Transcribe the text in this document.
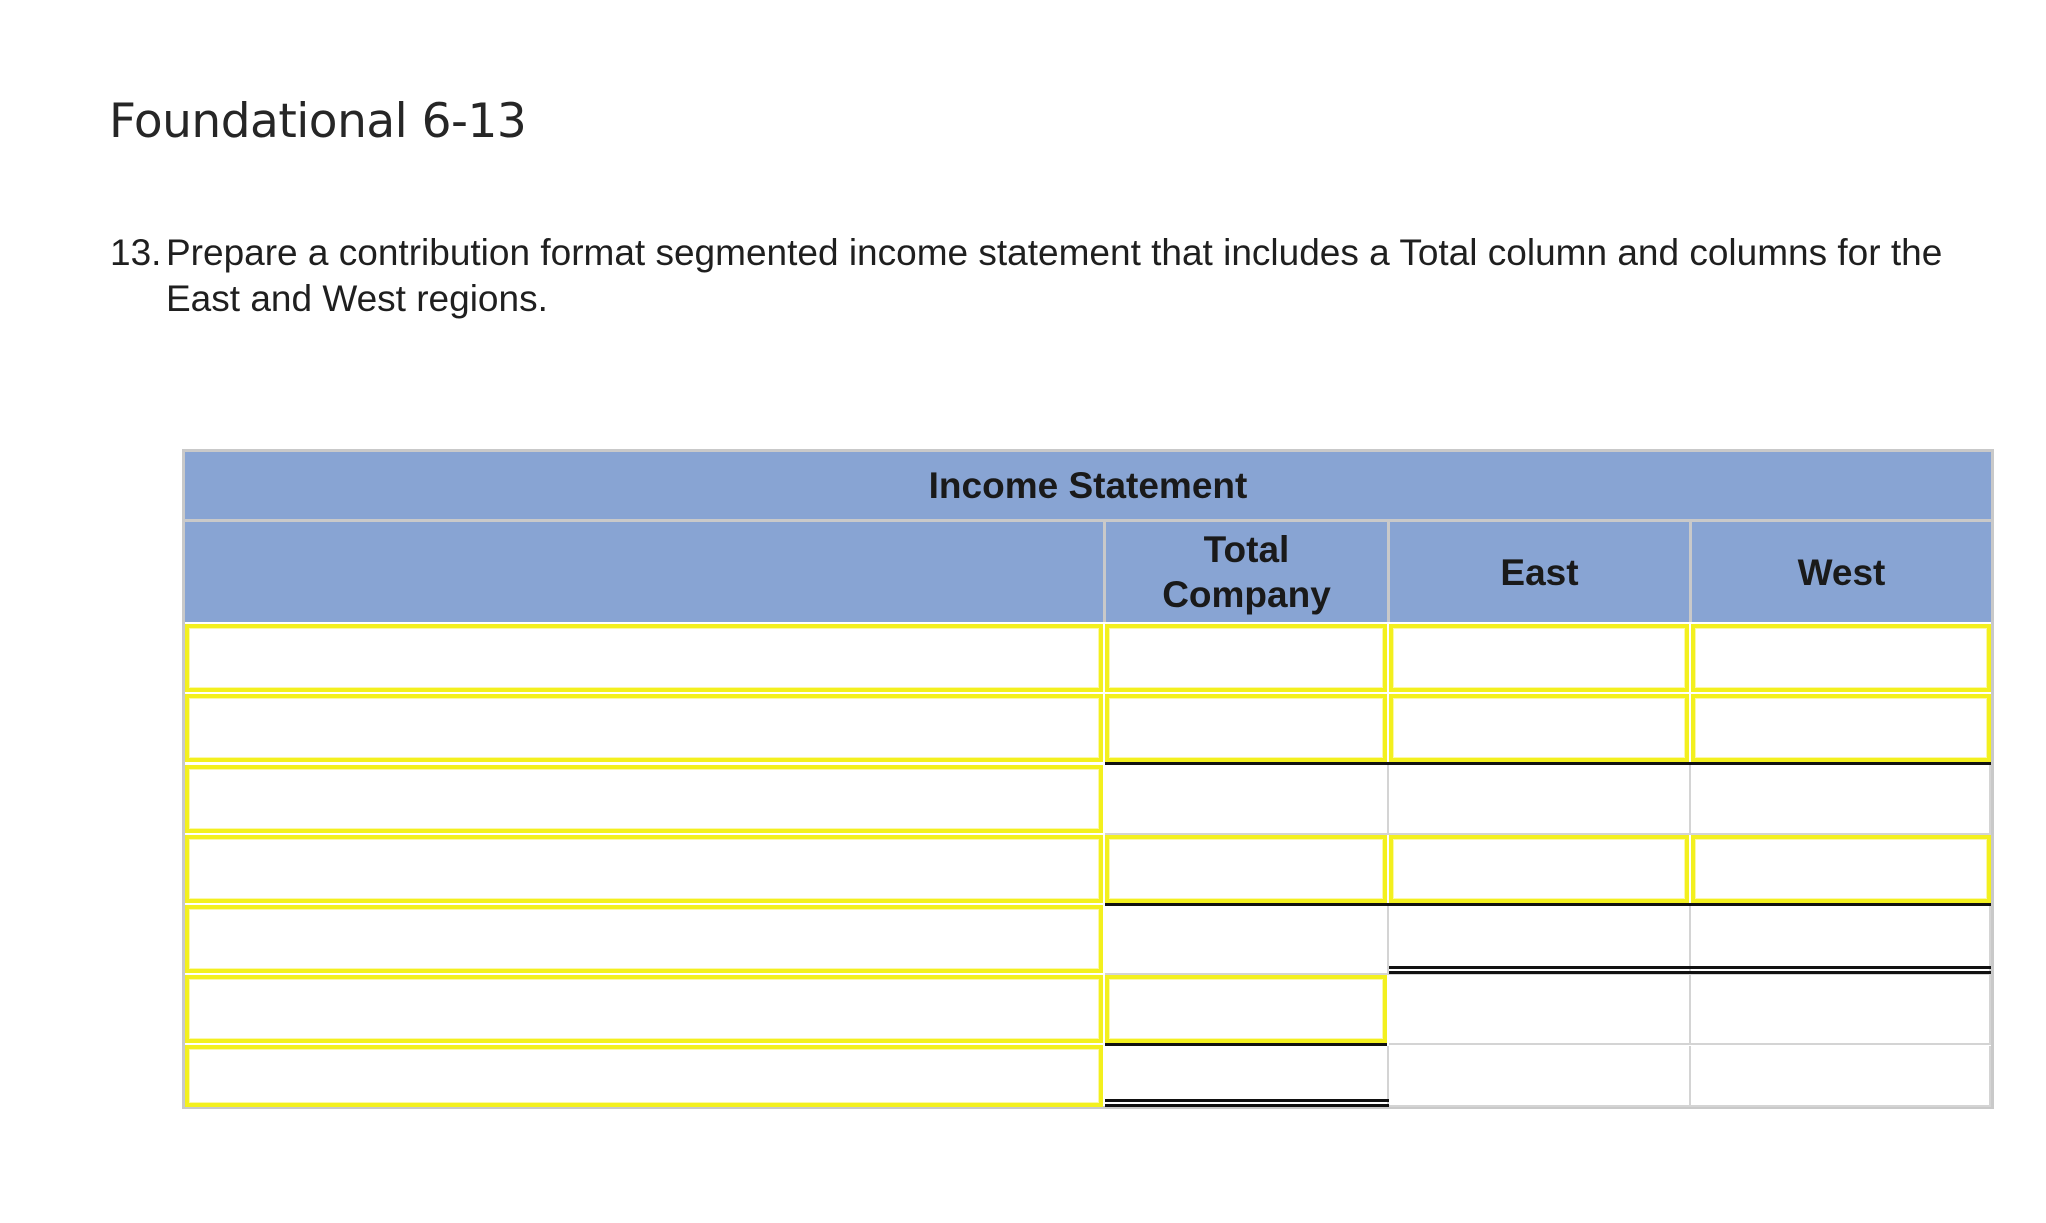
Foundational 6-13
13. Prepare a contribution format segmented income statement that includes a Total column and columns for the East and West regions.
Income Statement
Total
Company
East	West
